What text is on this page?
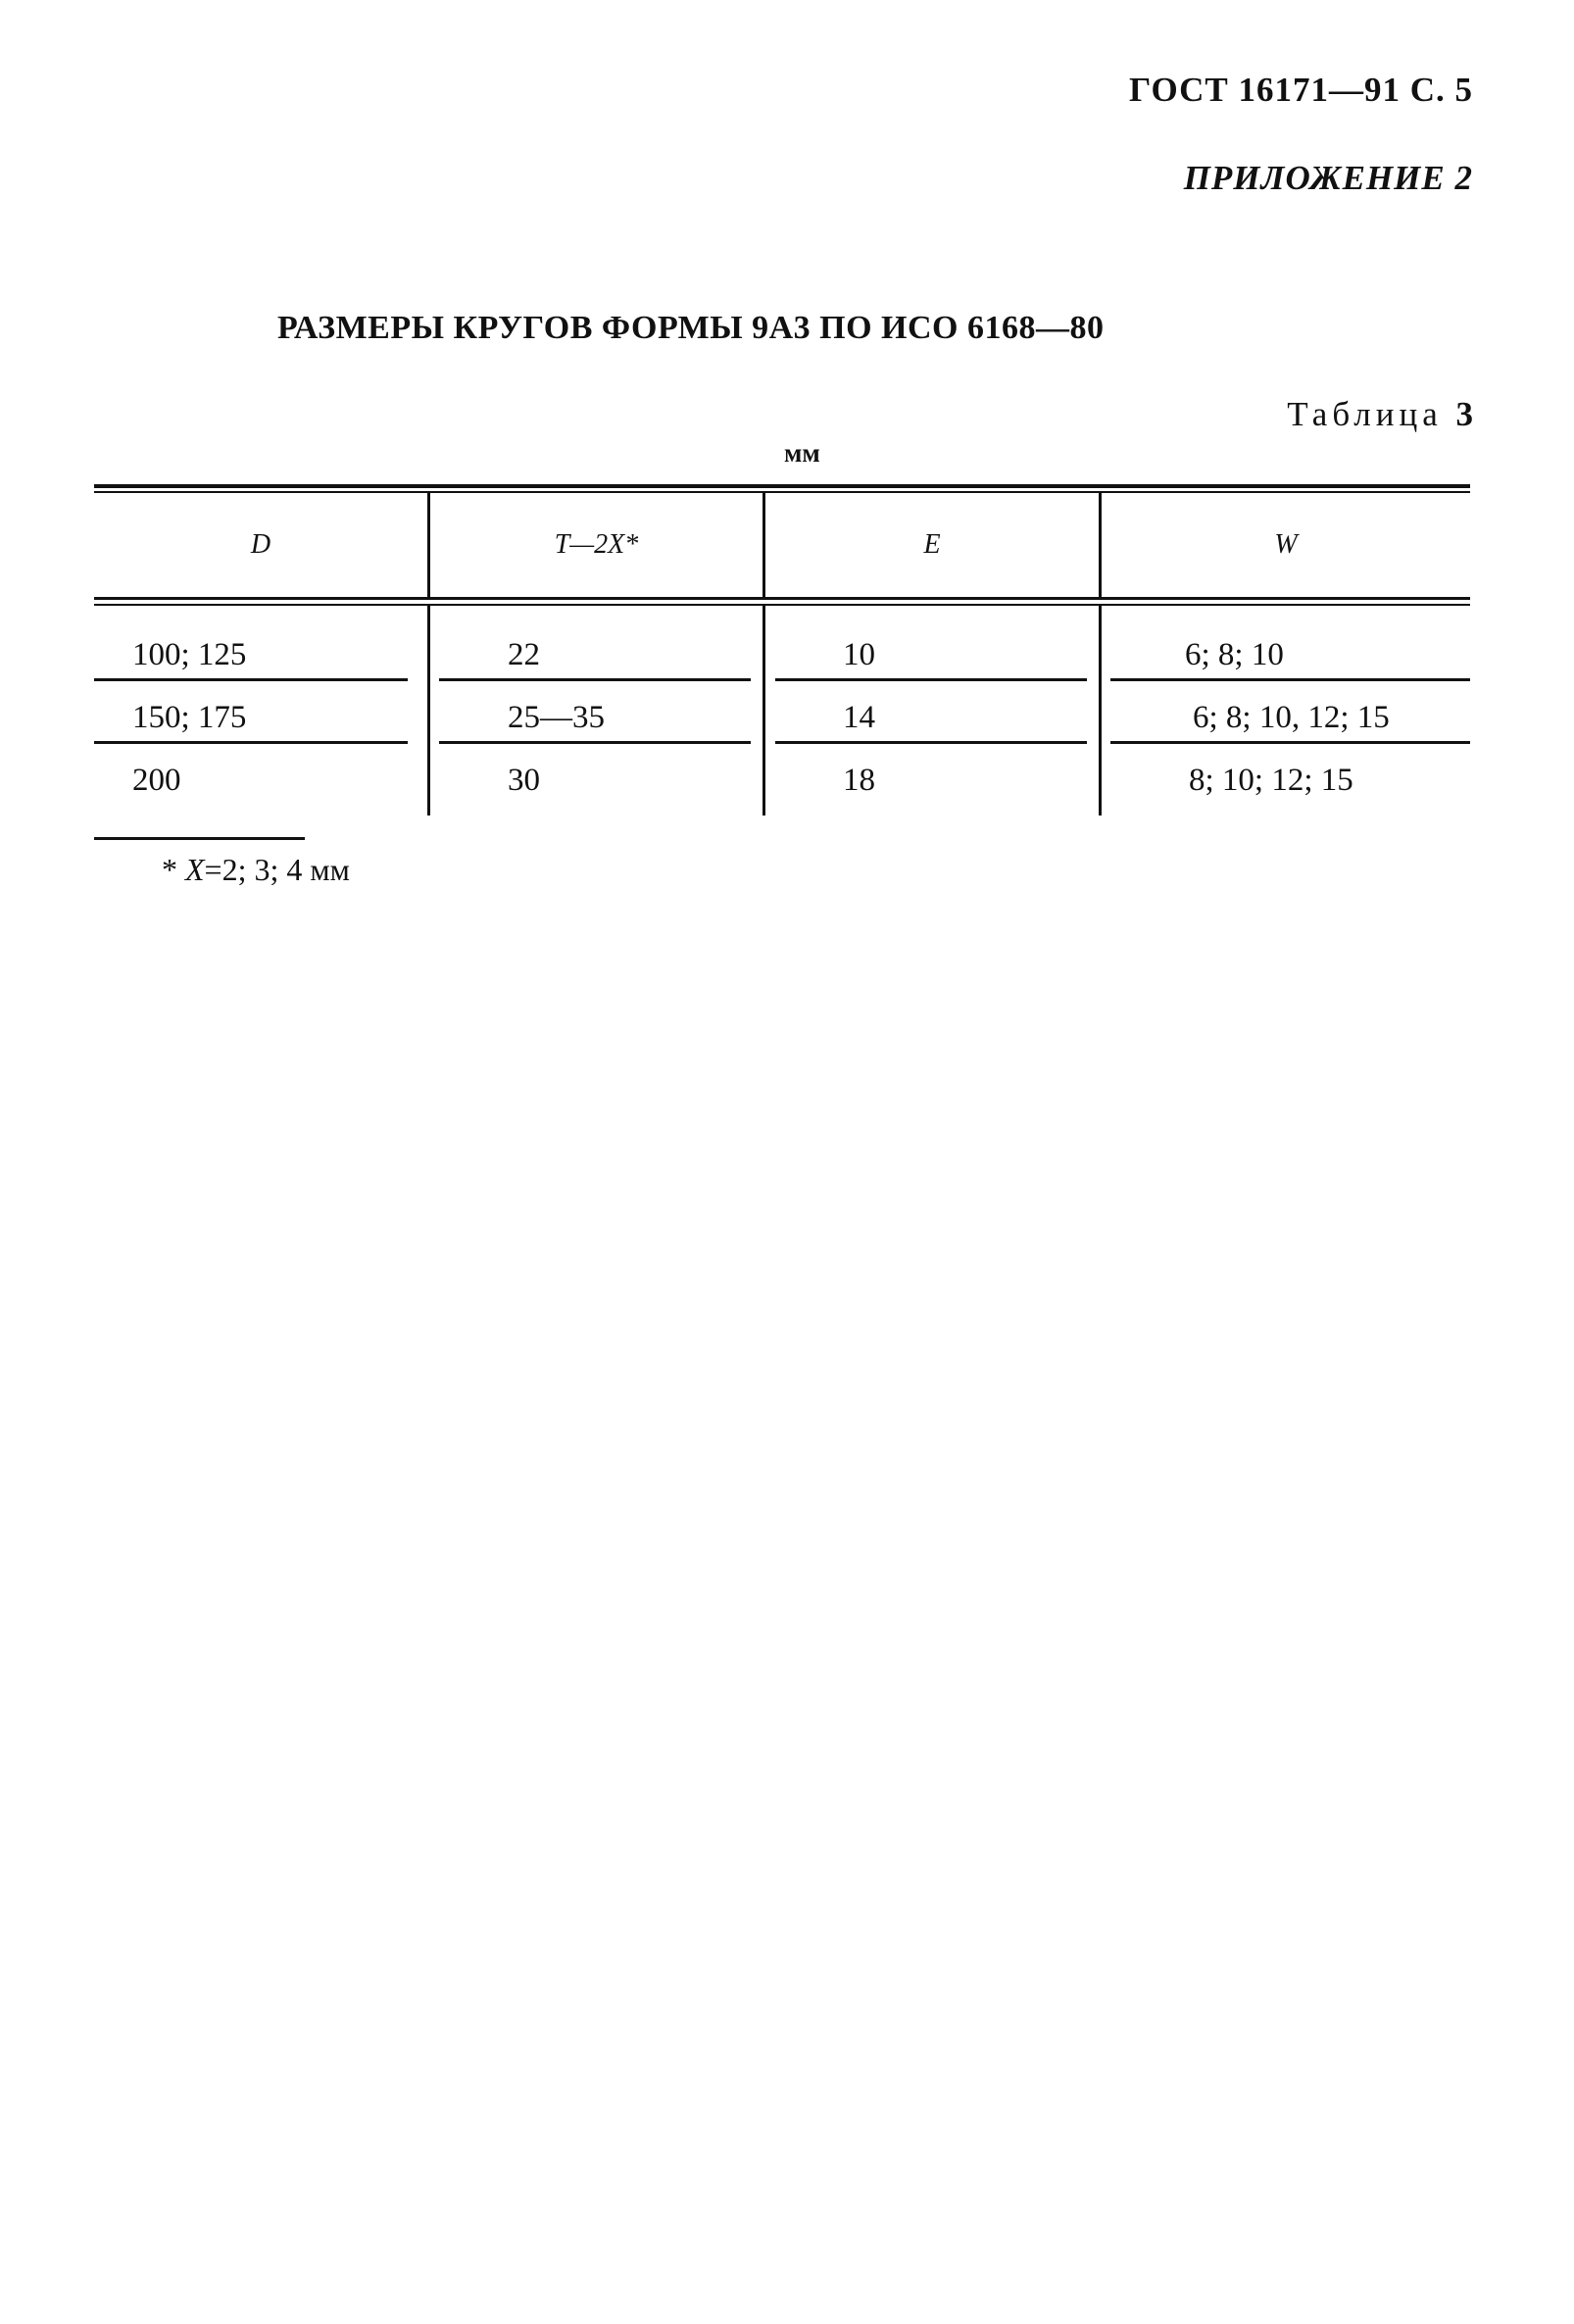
ГОСТ 16171—91 С. 5
ПРИЛОЖЕНИЕ 2
РАЗМЕРЫ КРУГОВ ФОРМЫ 9А3 ПО ИСО 6168—80
Таблица 3
мм
D	T—2X*	E	W
100; 125	22	10	6; 8; 10
150; 175	25—35	14	6; 8; 10, 12; 15
200	30	18	8; 10; 12; 15
* X=2; 3; 4 мм
